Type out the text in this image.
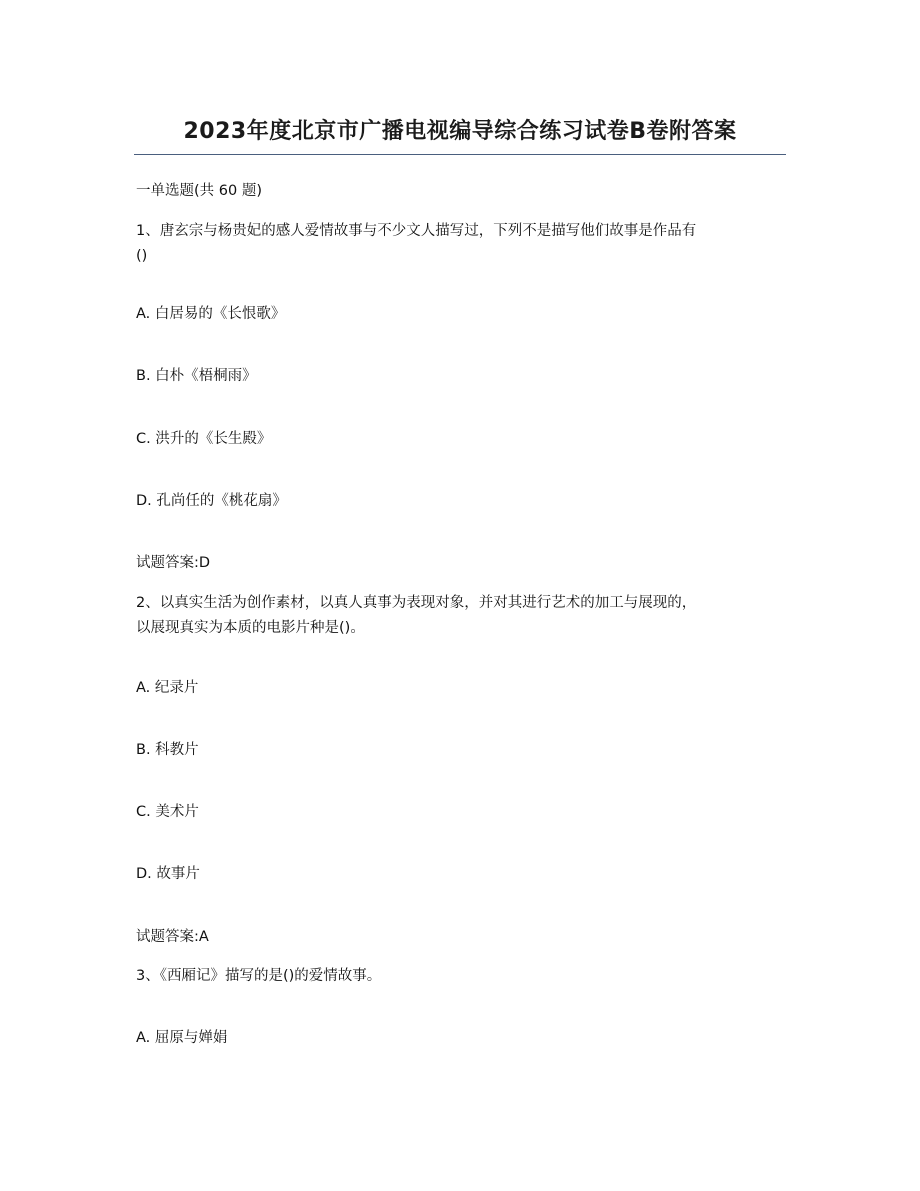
2023年度北京市广播电视编导综合练习试卷B卷附答案
一单选题(共 60 题)
1、唐玄宗与杨贵妃的感人爱情故事与不少文人描写过，下列不是描写他们故事是作品有
()
A. 白居易的《长恨歌》
B. 白朴《梧桐雨》
C. 洪升的《长生殿》
D. 孔尚任的《桃花扇》
试题答案:D
2、以真实生活为创作素材，以真人真事为表现对象，并对其进行艺术的加工与展现的，
以展现真实为本质的电影片种是()。
A. 纪录片
B. 科教片
C. 美术片
D. 故事片
试题答案:A
3、《西厢记》描写的是()的爱情故事。
A. 屈原与婵娟
